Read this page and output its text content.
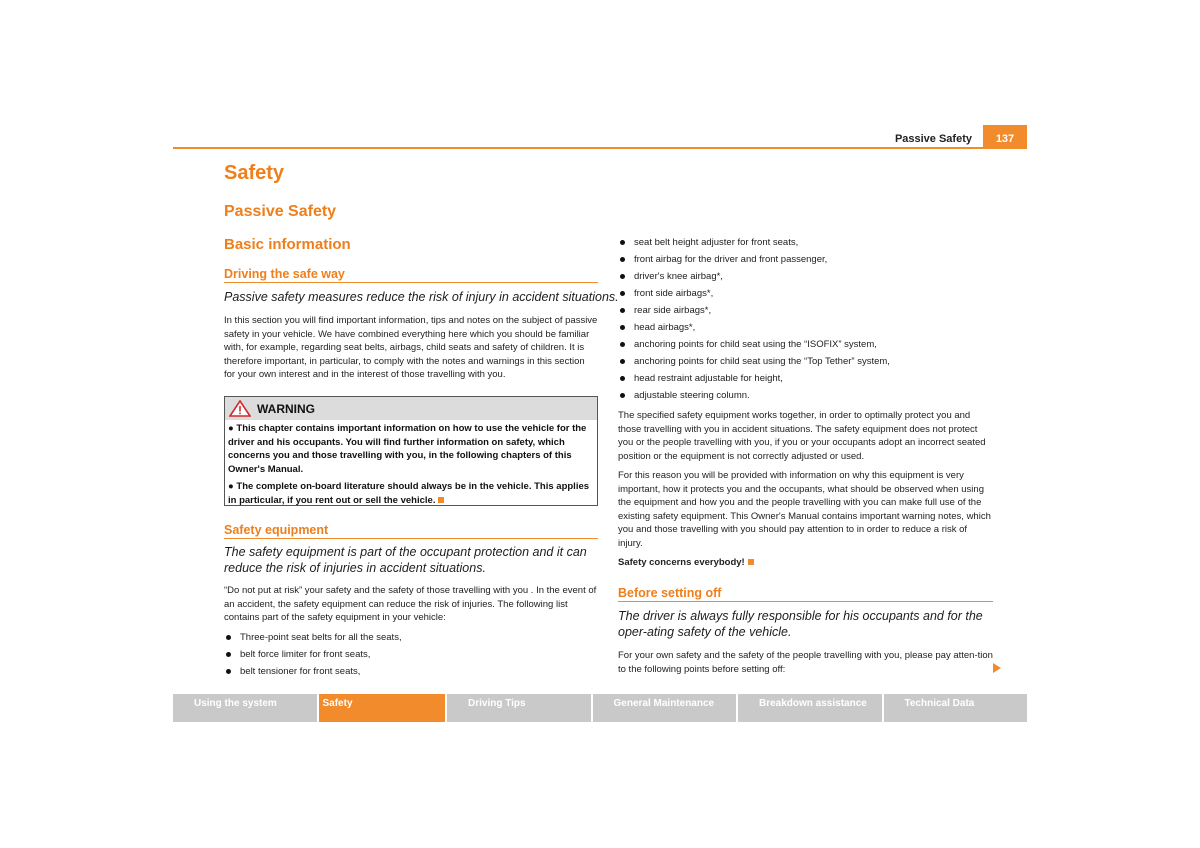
Passive Safety	137
Safety
Passive Safety
Basic information
Driving the safe way
Passive safety measures reduce the risk of injury in accident situations.
In this section you will find important information, tips and notes on the subject of passive safety in your vehicle. We have combined everything here which you should be familiar with, for example, regarding seat belts, airbags, child seats and safety of children. It is therefore important, in particular, to comply with the notes and warnings in this section for your own interest and in the interest of those travelling with you.
WARNING

● This chapter contains important information on how to use the vehicle for the driver and his occupants. You will find further information on safety, which concerns you and those travelling with you, in the following chapters of this Owner's Manual.

● The complete on-board literature should always be in the vehicle. This applies in particular, if you rent out or sell the vehicle.

Safety equipment
The safety equipment is part of the occupant protection and it can reduce the risk of injuries in accident situations.
“Do not put at risk” your safety and the safety of those travelling with you . In the event of an accident, the safety equipment can reduce the risk of injuries. The following list contains part of the safety equipment in your vehicle:
Three-point seat belts for all the seats,
belt force limiter for front seats,
belt tensioner for front seats,
seat belt height adjuster for front seats,
front airbag for the driver and front passenger,
driver's knee airbag*,
front side airbags*,
rear side airbags*,
head airbags*,
anchoring points for child seat using the “ISOFIX” system,
anchoring points for child seat using the “Top Tether” system,
head restraint adjustable for height,
adjustable steering column.
The specified safety equipment works together, in order to optimally protect you and those travelling with you in accident situations. The safety equipment does not protect you or the people travelling with you, if you or your occupants adopt an incorrect seated position or the equipment is not correctly adjusted or used.
For this reason you will be provided with information on why this equipment is very important, how it protects you and the occupants, what should be observed when using the equipment and how you and the people travelling with you can make full use of the existing safety equipment. This Owner's Manual contains important warning notes, which you and those travelling with you should pay attention to in order to reduce a risk of injury.
Safety concerns everybody!
Before setting off
The driver is always fully responsible for his occupants and for the oper-ating safety of the vehicle.
For your own safety and the safety of the people travelling with you, please pay atten-tion to the following points before setting off:
Using the system	Safety	Driving Tips	General Maintenance	Breakdown assistance	Technical Data
